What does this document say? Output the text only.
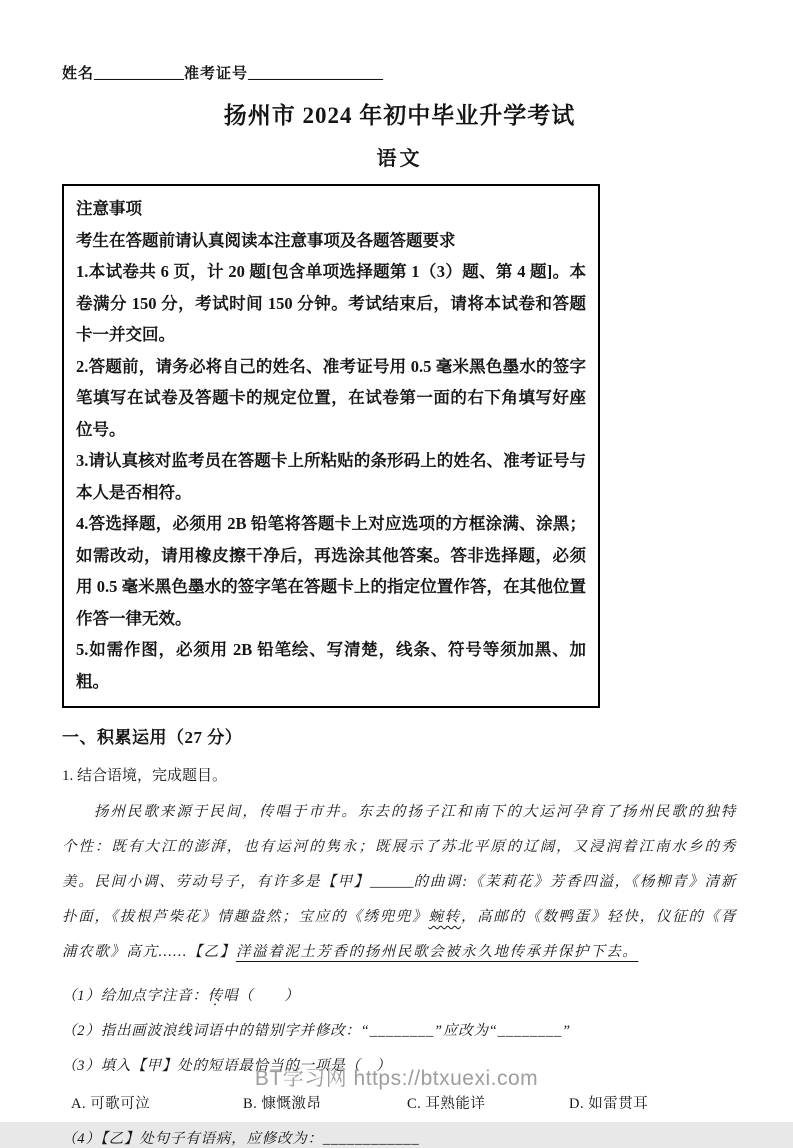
姓名____________准考证号__________________
扬州市 2024 年初中毕业升学考试
语文

注意事项

考生在答题前请认真阅读本注意事项及各题答题要求

1.本试卷共 6 页，计 20 题[包含单项选择题第 1（3）题、第 4 题]。本卷满分 150 分，考试时间 150 分钟。考试结束后，请将本试卷和答题卡一并交回。

2.答题前，请务必将自己的姓名、准考证号用 0.5 毫米黑色墨水的签字笔填写在试卷及答题卡的规定位置，在试卷第一面的右下角填写好座位号。

3.请认真核对监考员在答题卡上所粘贴的条形码上的姓名、准考证号与本人是否相符。

4.答选择题，必须用 2B 铅笔将答题卡上对应选项的方框涂满、涂黑；如需改动，请用橡皮擦干净后，再选涂其他答案。答非选择题，必须用 0.5 毫米黑色墨水的签字笔在答题卡上的指定位置作答，在其他位置作答一律无效。

5.如需作图，必须用 2B 铅笔绘、写清楚，线条、符号等须加黑、加粗。

一、积累运用（27 分）
1. 结合语境，完成题目。

扬州民歌来源于民间，传唱于市井。东去的扬子江和南下的大运河孕育了扬州民歌的独特个性：既有大江的澎湃，也有运河的隽永；既展示了苏北平原的辽阔，又浸润着江南水乡的秀美。民间小调、劳动号子，有许多是【甲】______的曲调:《茉莉花》芳香四溢，《杨柳青》清新扑面，《拔根芦柴花》情趣盎然；宝应的《绣兜兜》蜿转，高邮的《数鸭蛋》轻快，仪征的《胥浦农歌》高亢……【乙】洋溢着泥土芳香的扬州民歌会被永久地传承并保护下去。

（1）给加点字注音：传唱（　　）
（2）指出画波浪线词语中的错别字并修改：“________”应改为“________”
（3）填入【甲】处的短语最恰当的一项是（　）
A. 可歌可泣	B. 慷慨激昂	C. 耳熟能详	D. 如雷贯耳
（4）【乙】处句子有语病，应修改为：____________
BT学习网 https://btxuexi.com
